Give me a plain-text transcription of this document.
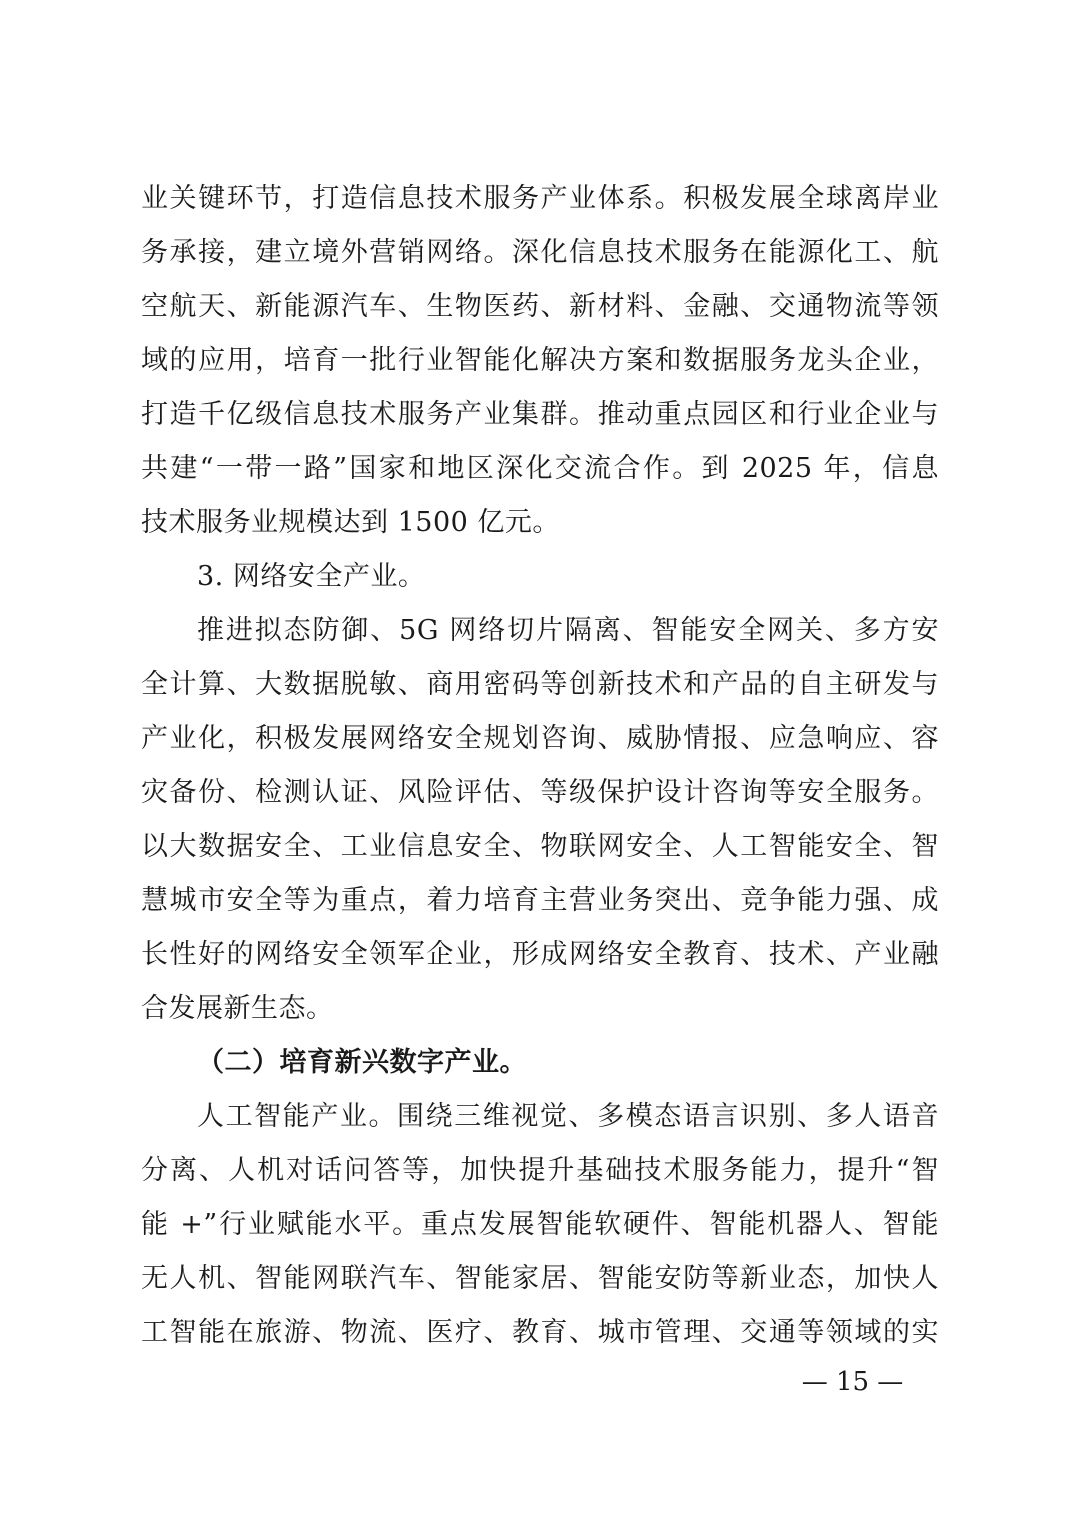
业关键环节，打造信息技术服务产业体系。积极发展全球离岸业
务承接，建立境外营销网络。深化信息技术服务在能源化工、航
空航天、新能源汽车、生物医药、新材料、金融、交通物流等领
域的应用，培育一批行业智能化解决方案和数据服务龙头企业，
打造千亿级信息技术服务产业集群。推动重点园区和行业企业与
共建“一带一路”国家和地区深化交流合作。到 2025 年，信息
技术服务业规模达到 1500 亿元。
3. 网络安全产业。
推进拟态防御、5G 网络切片隔离、智能安全网关、多方安
全计算、大数据脱敏、商用密码等创新技术和产品的自主研发与
产业化，积极发展网络安全规划咨询、威胁情报、应急响应、容
灾备份、检测认证、风险评估、等级保护设计咨询等安全服务。
以大数据安全、工业信息安全、物联网安全、人工智能安全、智
慧城市安全等为重点，着力培育主营业务突出、竞争能力强、成
长性好的网络安全领军企业，形成网络安全教育、技术、产业融
合发展新生态。
（二）培育新兴数字产业。
人工智能产业。围绕三维视觉、多模态语言识别、多人语音
分离、人机对话问答等，加快提升基础技术服务能力，提升“智
能 +”行业赋能水平。重点发展智能软硬件、智能机器人、智能
无人机、智能网联汽车、智能家居、智能安防等新业态，加快人
工智能在旅游、物流、医疗、教育、城市管理、交通等领域的实
— 15 —
